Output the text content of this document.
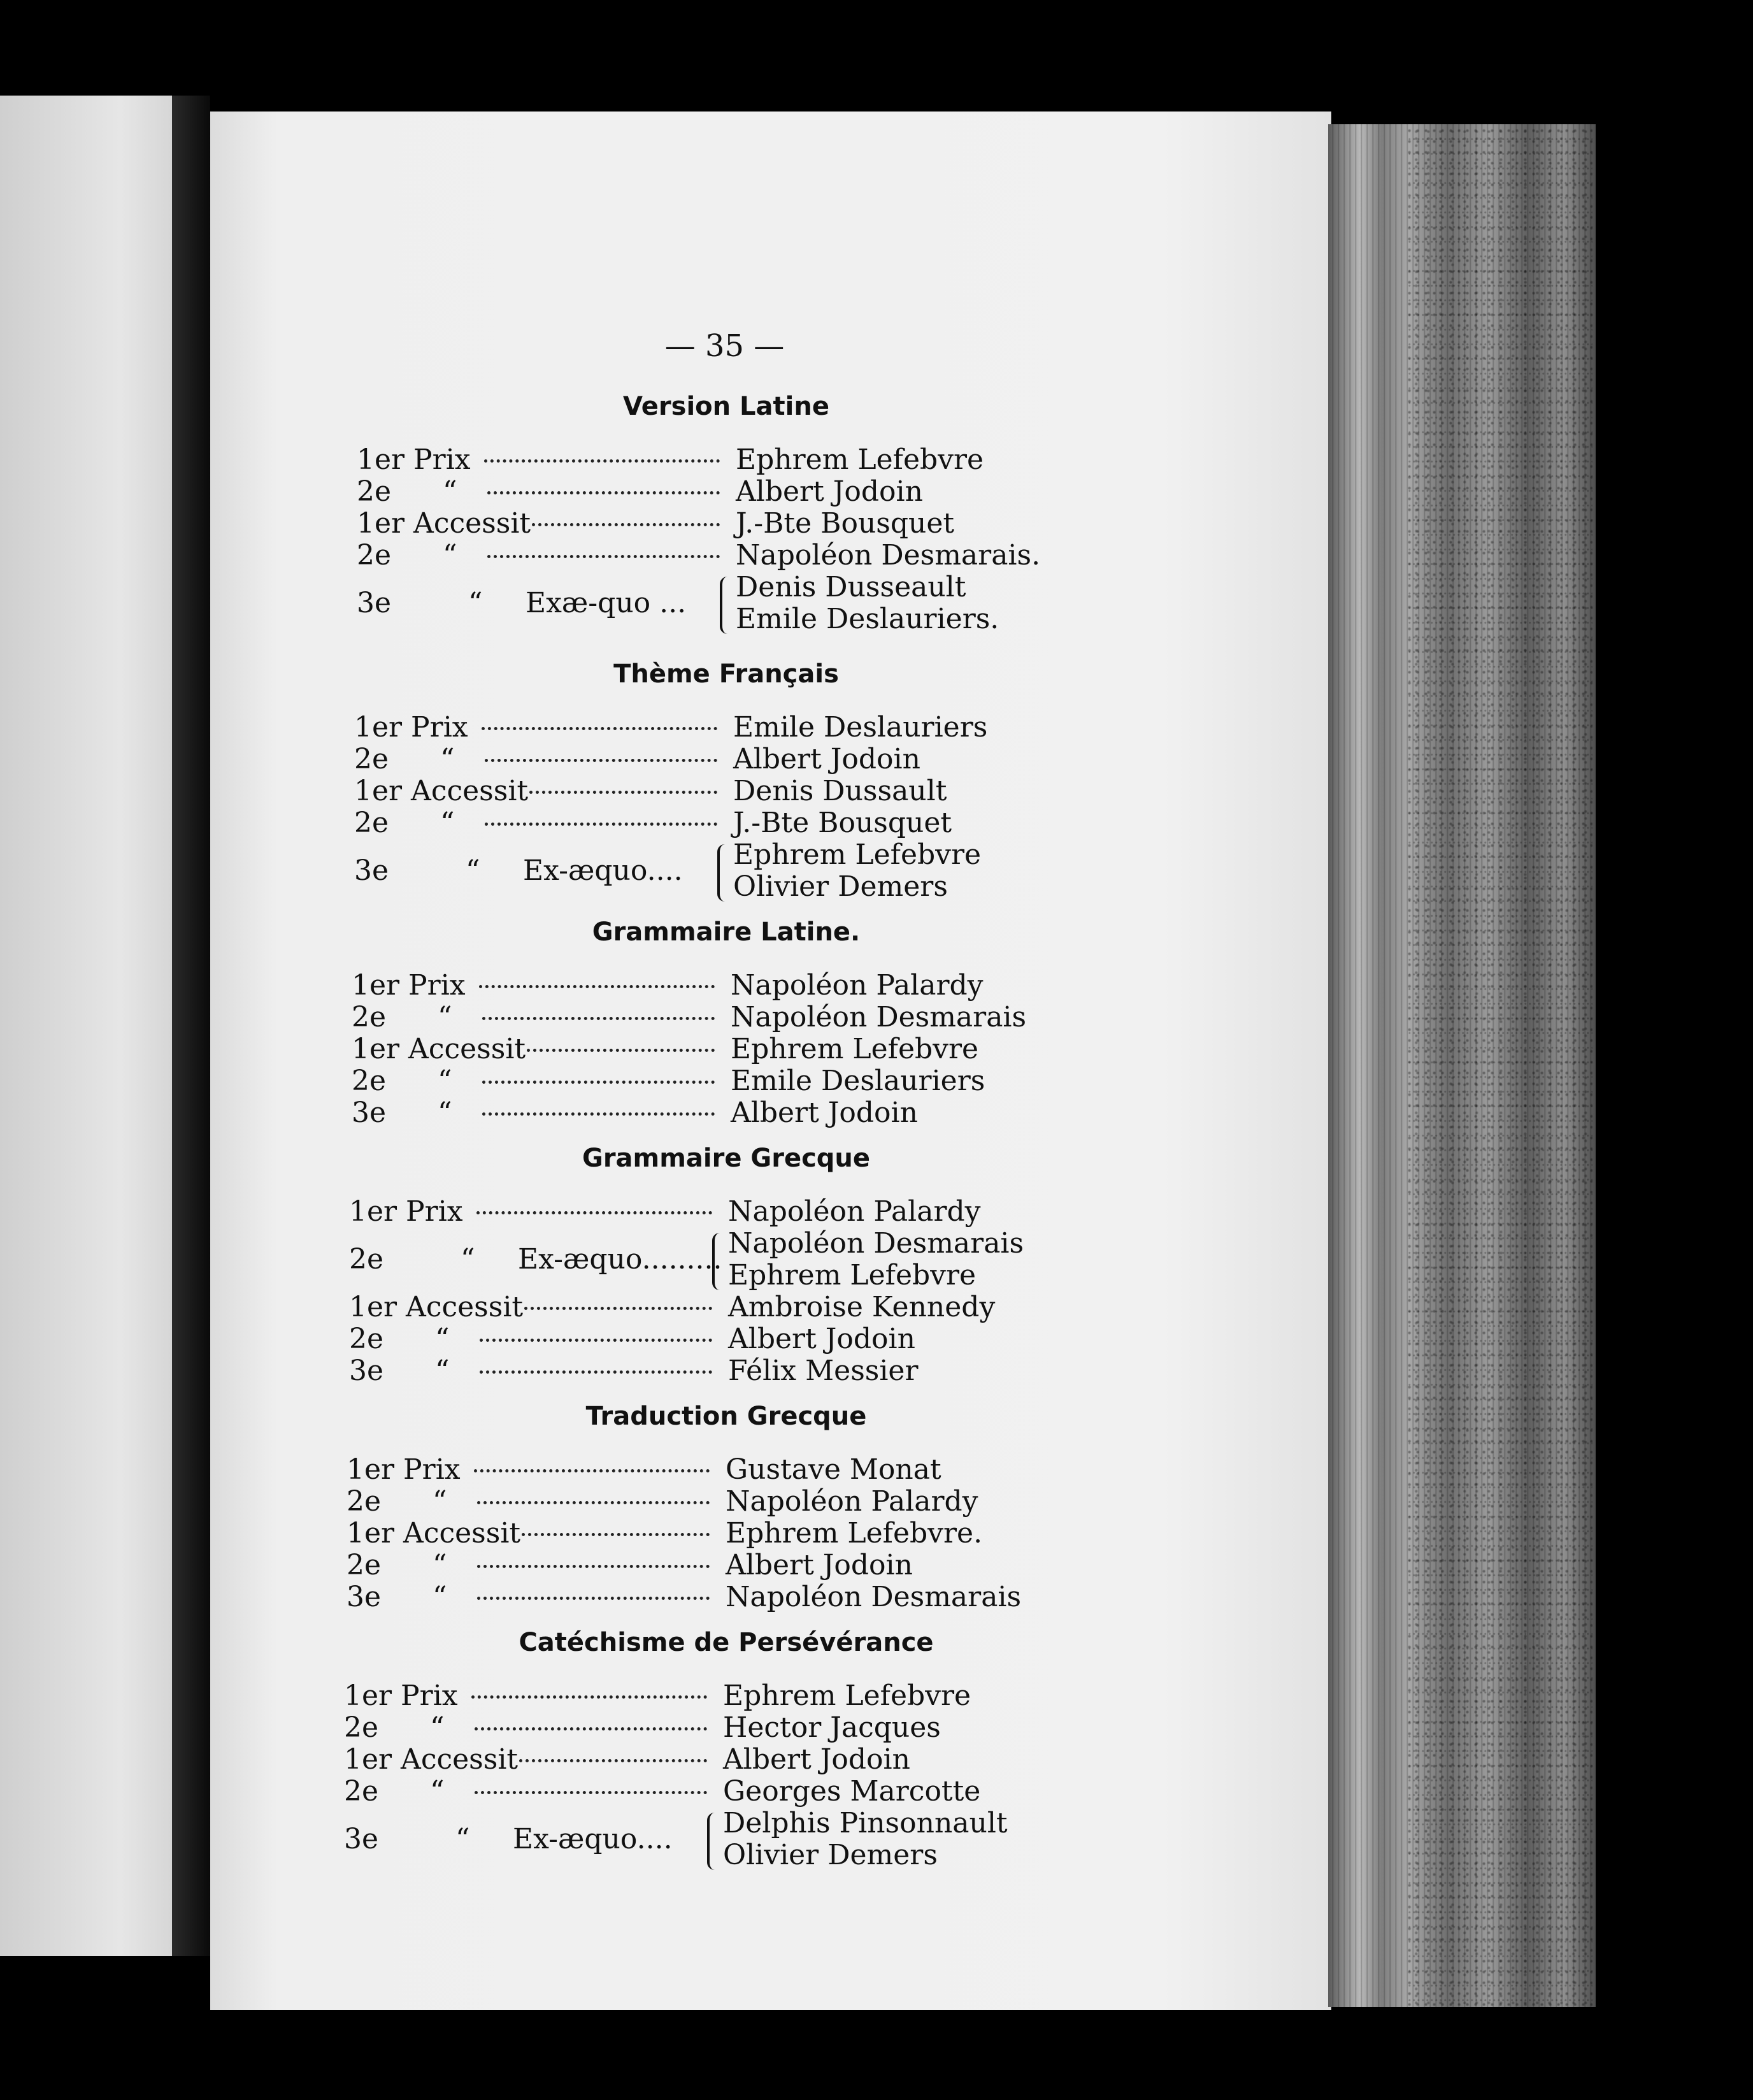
— 35 —
Version Latine
1er Prix	Ephrem Lefebvre
2e “	Albert Jodoin
1er Accessit	J.-Bte Bousquet
2e “	Napoléon Desmarais.
3e	“ Exæ-quo ... Denis Dusseault
Emile Deslauriers.
Thème Français
1er Prix	Emile Deslauriers
2e “	Albert Jodoin
1er Accessit	Denis Dussault
2e “	J.-Bte Bousquet
3e	“ Ex-æquo.... Ephrem Lefebvre
Olivier Demers
Grammaire Latine.
1er Prix	Napoléon Palardy
2e “	Napoléon Desmarais
1er Accessit	Ephrem Lefebvre
2e “	Emile Deslauriers
3e “	Albert Jodoin
Grammaire Grecque
1er Prix	Napoléon Palardy
2e	“ Ex-æquo......... Napoléon Desmarais
Ephrem Lefebvre
1er Accessit	Ambroise Kennedy
2e “	Albert Jodoin
3e “	Félix Messier
Traduction Grecque
1er Prix	Gustave Monat
2e “	Napoléon Palardy
1er Accessit	Ephrem Lefebvre.
2e “	Albert Jodoin
3e “	Napoléon Desmarais
Catéchisme de Persévérance
1er Prix	Ephrem Lefebvre
2e “	Hector Jacques
1er Accessit	Albert Jodoin
2e “	Georges Marcotte
3e	“ Ex-æquo.... Delphis Pinsonnault
Olivier Demers
